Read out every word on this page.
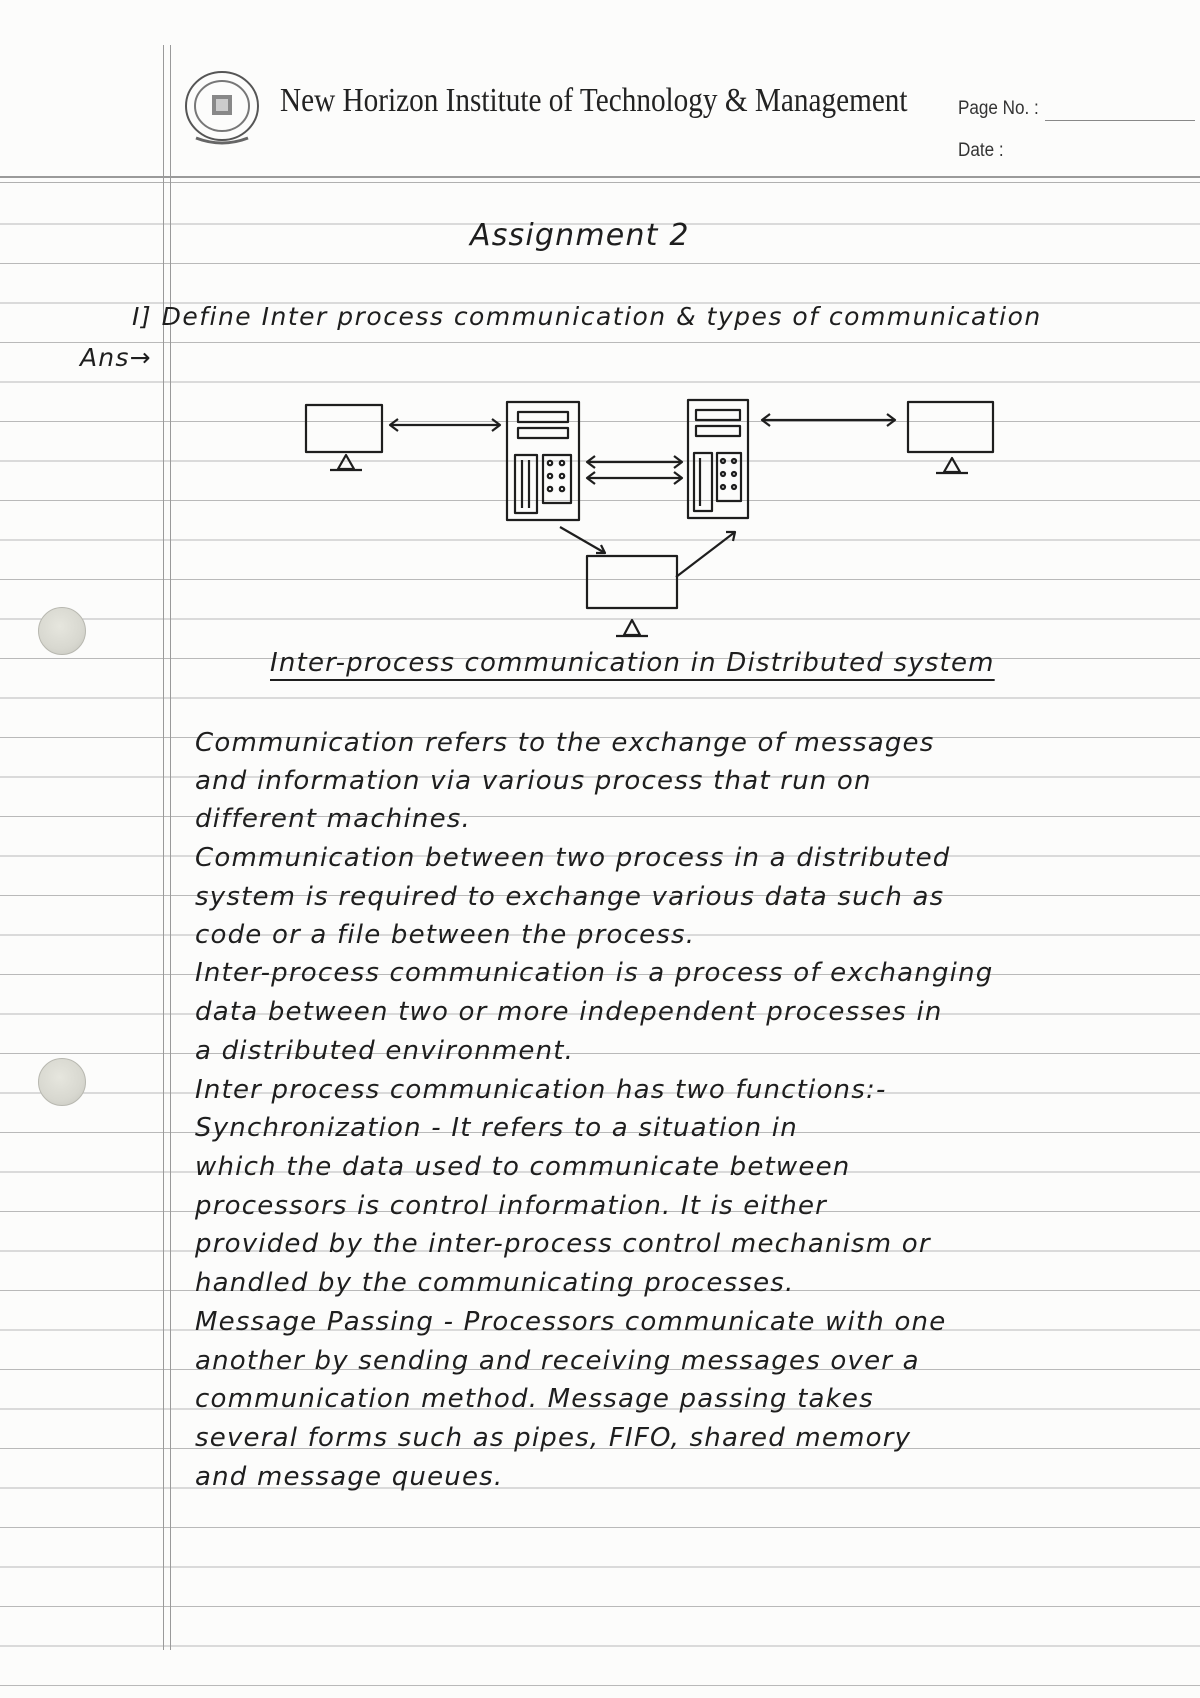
New Horizon Institute of Technology & Management	Page No. :
Date :
Assignment 2
I] Define Inter process communication & types of communication
Ans→
Inter-process communication in Distributed system
Communication refers to the exchange of messages
and information via various process that run on
different machines.
Communication between two process in a distributed
system is required to exchange various data such as
code or a file between the process.
Inter-process communication is a process of exchanging
data between two or more independent processes in
a distributed environment.
Inter process communication has two functions:-
Synchronization - It refers to a situation in
which the data used to communicate between
processors is control information. It is either
provided by the inter-process control mechanism or
handled by the communicating processes.
Message Passing - Processors communicate with one
another by sending and receiving messages over a
communication method. Message passing takes
several forms such as pipes, FIFO, shared memory
and message queues.
